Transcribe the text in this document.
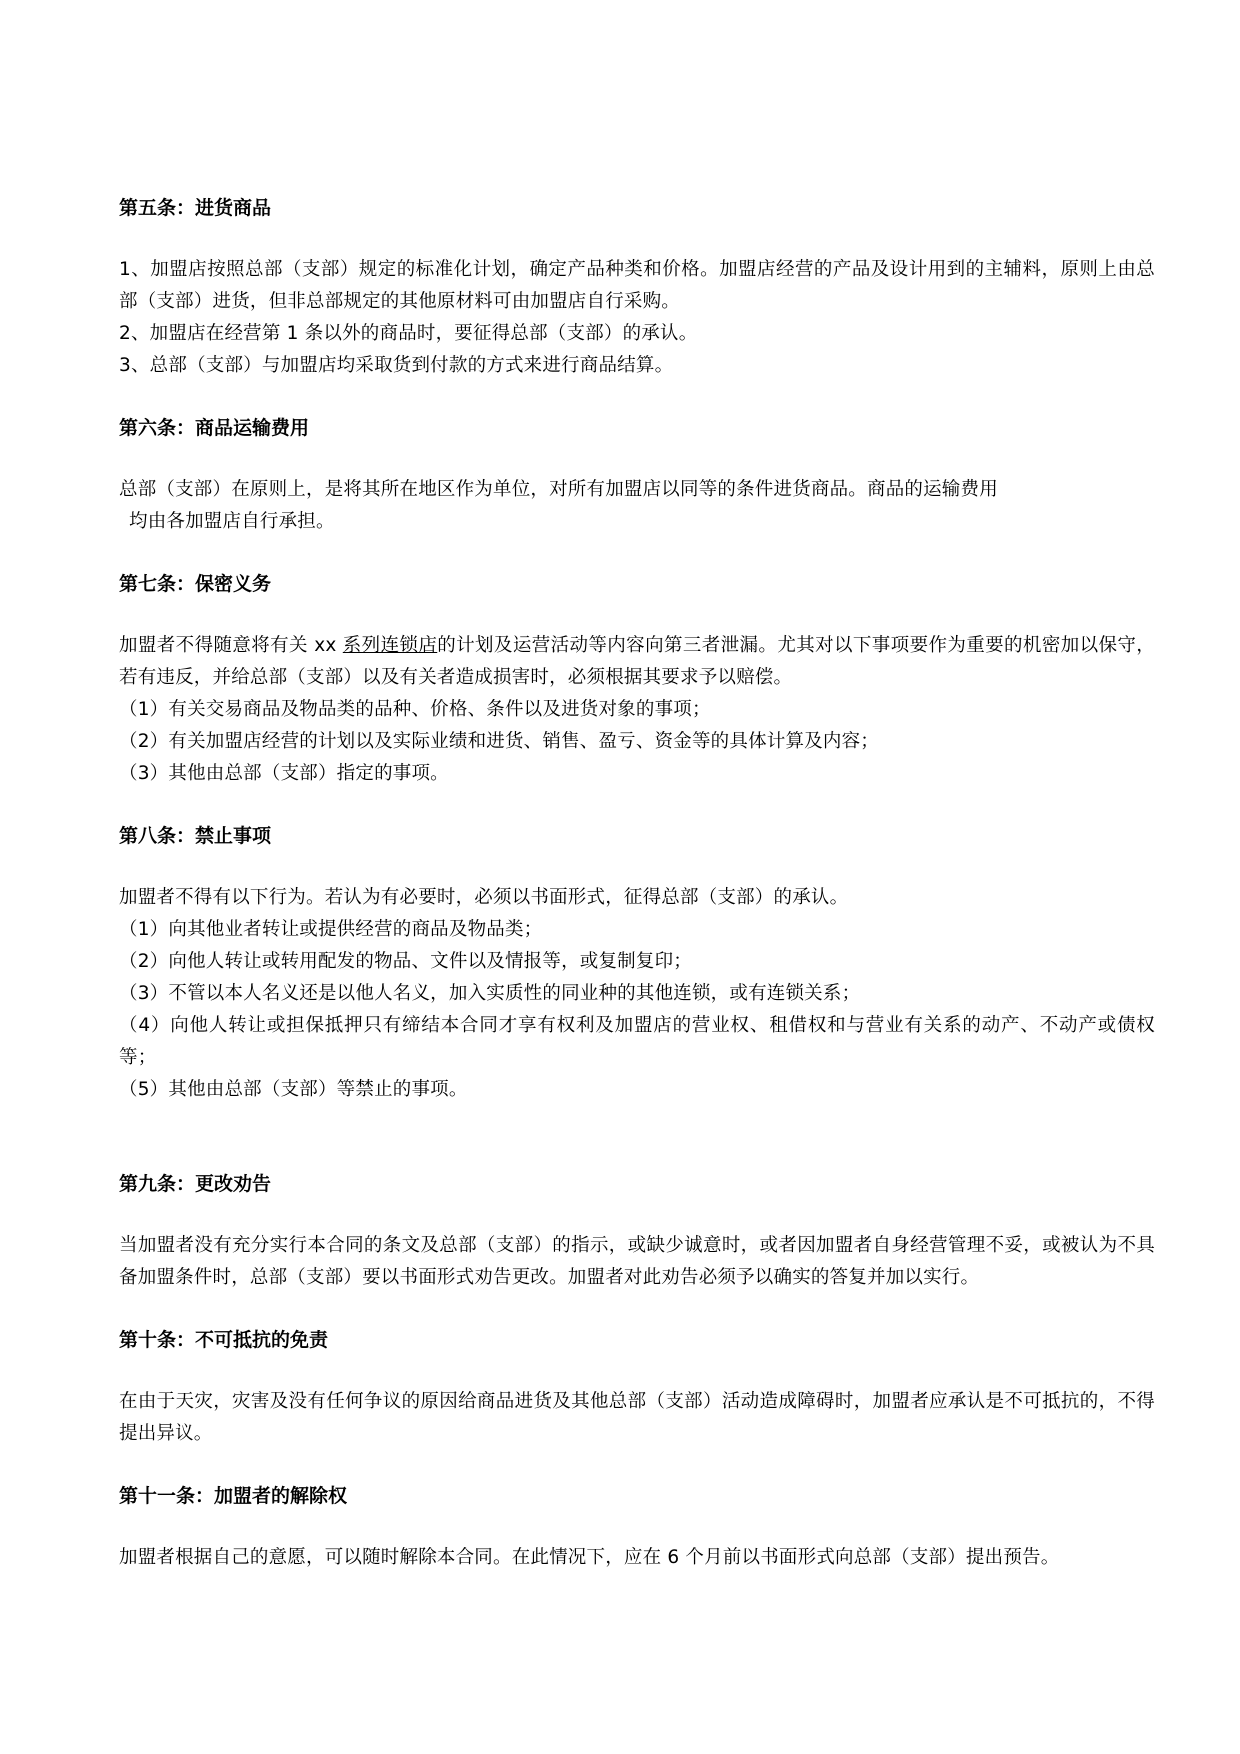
第五条：进货商品

1、加盟店按照总部（支部）规定的标准化计划，确定产品种类和价格。加盟店经营的产品及设计用到的主辅料，原则上由总部（支部）进货，但非总部规定的其他原材料可由加盟店自行采购。

2、加盟店在经营第 1 条以外的商品时，要征得总部（支部）的承认。

3、总部（支部）与加盟店均采取货到付款的方式来进行商品结算。

第六条：商品运输费用

总部（支部）在原则上，是将其所在地区作为单位，对所有加盟店以同等的条件进货商品。商品的运输费用

均由各加盟店自行承担。

第七条：保密义务

加盟者不得随意将有关 xx 系列连锁店的计划及运营活动等内容向第三者泄漏。尤其对以下事项要作为重要的机密加以保守，若有违反，并给总部（支部）以及有关者造成损害时，必须根据其要求予以赔偿。

（1）有关交易商品及物品类的品种、价格、条件以及进货对象的事项；

（2）有关加盟店经营的计划以及实际业绩和进货、销售、盈亏、资金等的具体计算及内容；

（3）其他由总部（支部）指定的事项。

第八条：禁止事项

加盟者不得有以下行为。若认为有必要时，必须以书面形式，征得总部（支部）的承认。

（1）向其他业者转让或提供经营的商品及物品类；

（2）向他人转让或转用配发的物品、文件以及情报等，或复制复印；

（3）不管以本人名义还是以他人名义，加入实质性的同业种的其他连锁，或有连锁关系；

（4）向他人转让或担保抵押只有缔结本合同才享有权利及加盟店的营业权、租借权和与营业有关系的动产、不动产或债权等；

（5）其他由总部（支部）等禁止的事项。

第九条：更改劝告

当加盟者没有充分实行本合同的条文及总部（支部）的指示，或缺少诚意时，或者因加盟者自身经营管理不妥，或被认为不具备加盟条件时，总部（支部）要以书面形式劝告更改。加盟者对此劝告必须予以确实的答复并加以实行。

第十条：不可抵抗的免责

在由于天灾，灾害及没有任何争议的原因给商品进货及其他总部（支部）活动造成障碍时，加盟者应承认是不可抵抗的，不得提出异议。

第十一条：加盟者的解除权

加盟者根据自己的意愿，可以随时解除本合同。在此情况下，应在 6 个月前以书面形式向总部（支部）提出预告。
